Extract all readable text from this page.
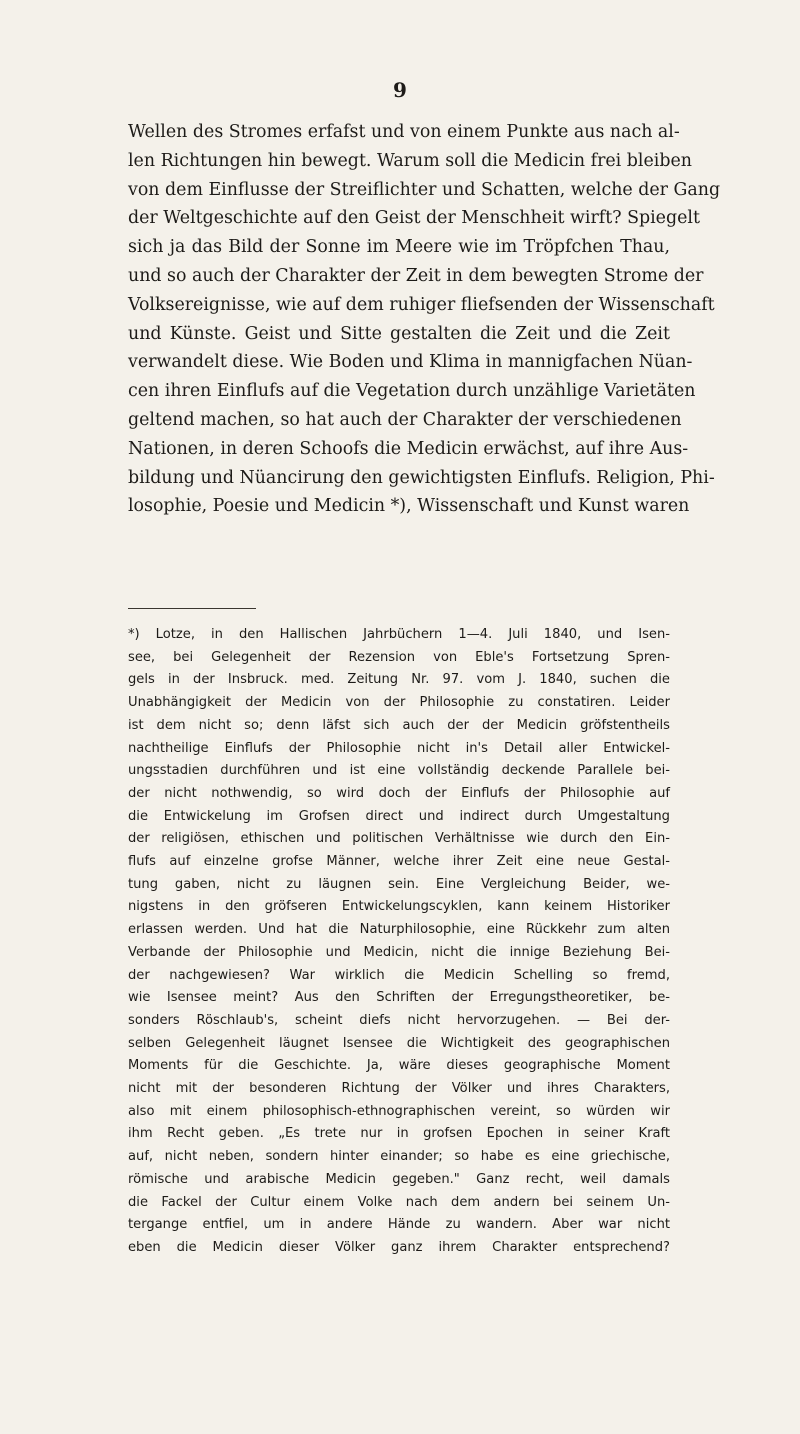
9
Wellen des Stromes erfafst und von einem Punkte aus nach al-
len Richtungen hin bewegt. Warum soll die Medicin frei bleiben
von dem Einflusse der Streiflichter und Schatten, welche der Gang
der Weltgeschichte auf den Geist der Menschheit wirft? Spiegelt
sich ja das Bild der Sonne im Meere wie im Tröpfchen Thau,
und so auch der Charakter der Zeit in dem bewegten Strome der
Volksereignisse, wie auf dem ruhiger fliefsenden der Wissenschaft
und Künste. Geist und Sitte gestalten die Zeit und die Zeit
verwandelt diese. Wie Boden und Klima in mannigfachen Nüan-
cen ihren Einflufs auf die Vegetation durch unzählige Varietäten
geltend machen, so hat auch der Charakter der verschiedenen
Nationen, in deren Schoofs die Medicin erwächst, auf ihre Aus-
bildung und Nüancirung den gewichtigsten Einflufs. Religion, Phi-
losophie, Poesie und Medicin *), Wissenschaft und Kunst waren
*) Lotze, in den Hallischen Jahrbüchern 1—4. Juli 1840, und Isen-
see, bei Gelegenheit der Rezension von Eble's Fortsetzung Spren-
gels in der Insbruck. med. Zeitung Nr. 97. vom J. 1840, suchen die
Unabhängigkeit der Medicin von der Philosophie zu constatiren. Leider
ist dem nicht so; denn läfst sich auch der der Medicin gröfstentheils
nachtheilige Einflufs der Philosophie nicht in's Detail aller Entwickel-
ungsstadien durchführen und ist eine vollständig deckende Parallele bei-
der nicht nothwendig, so wird doch der Einflufs der Philosophie auf
die Entwickelung im Grofsen direct und indirect durch Umgestaltung
der religiösen, ethischen und politischen Verhältnisse wie durch den Ein-
flufs auf einzelne grofse Männer, welche ihrer Zeit eine neue Gestal-
tung gaben, nicht zu läugnen sein. Eine Vergleichung Beider, we-
nigstens in den gröfseren Entwickelungscyklen, kann keinem Historiker
erlassen werden. Und hat die Naturphilosophie, eine Rückkehr zum alten
Verbande der Philosophie und Medicin, nicht die innige Beziehung Bei-
der nachgewiesen? War wirklich die Medicin Schelling so fremd,
wie Isensee meint? Aus den Schriften der Erregungstheoretiker, be-
sonders Röschlaub's, scheint diefs nicht hervorzugehen. — Bei der-
selben Gelegenheit läugnet Isensee die Wichtigkeit des geographischen
Moments für die Geschichte. Ja, wäre dieses geographische Moment
nicht mit der besonderen Richtung der Völker und ihres Charakters,
also mit einem philosophisch-ethnographischen vereint, so würden wir
ihm Recht geben. „Es trete nur in grofsen Epochen in seiner Kraft
auf, nicht neben, sondern hinter einander; so habe es eine griechische,
römische und arabische Medicin gegeben." Ganz recht, weil damals
die Fackel der Cultur einem Volke nach dem andern bei seinem Un-
tergange entfiel, um in andere Hände zu wandern. Aber war nicht
eben die Medicin dieser Völker ganz ihrem Charakter entsprechend?
